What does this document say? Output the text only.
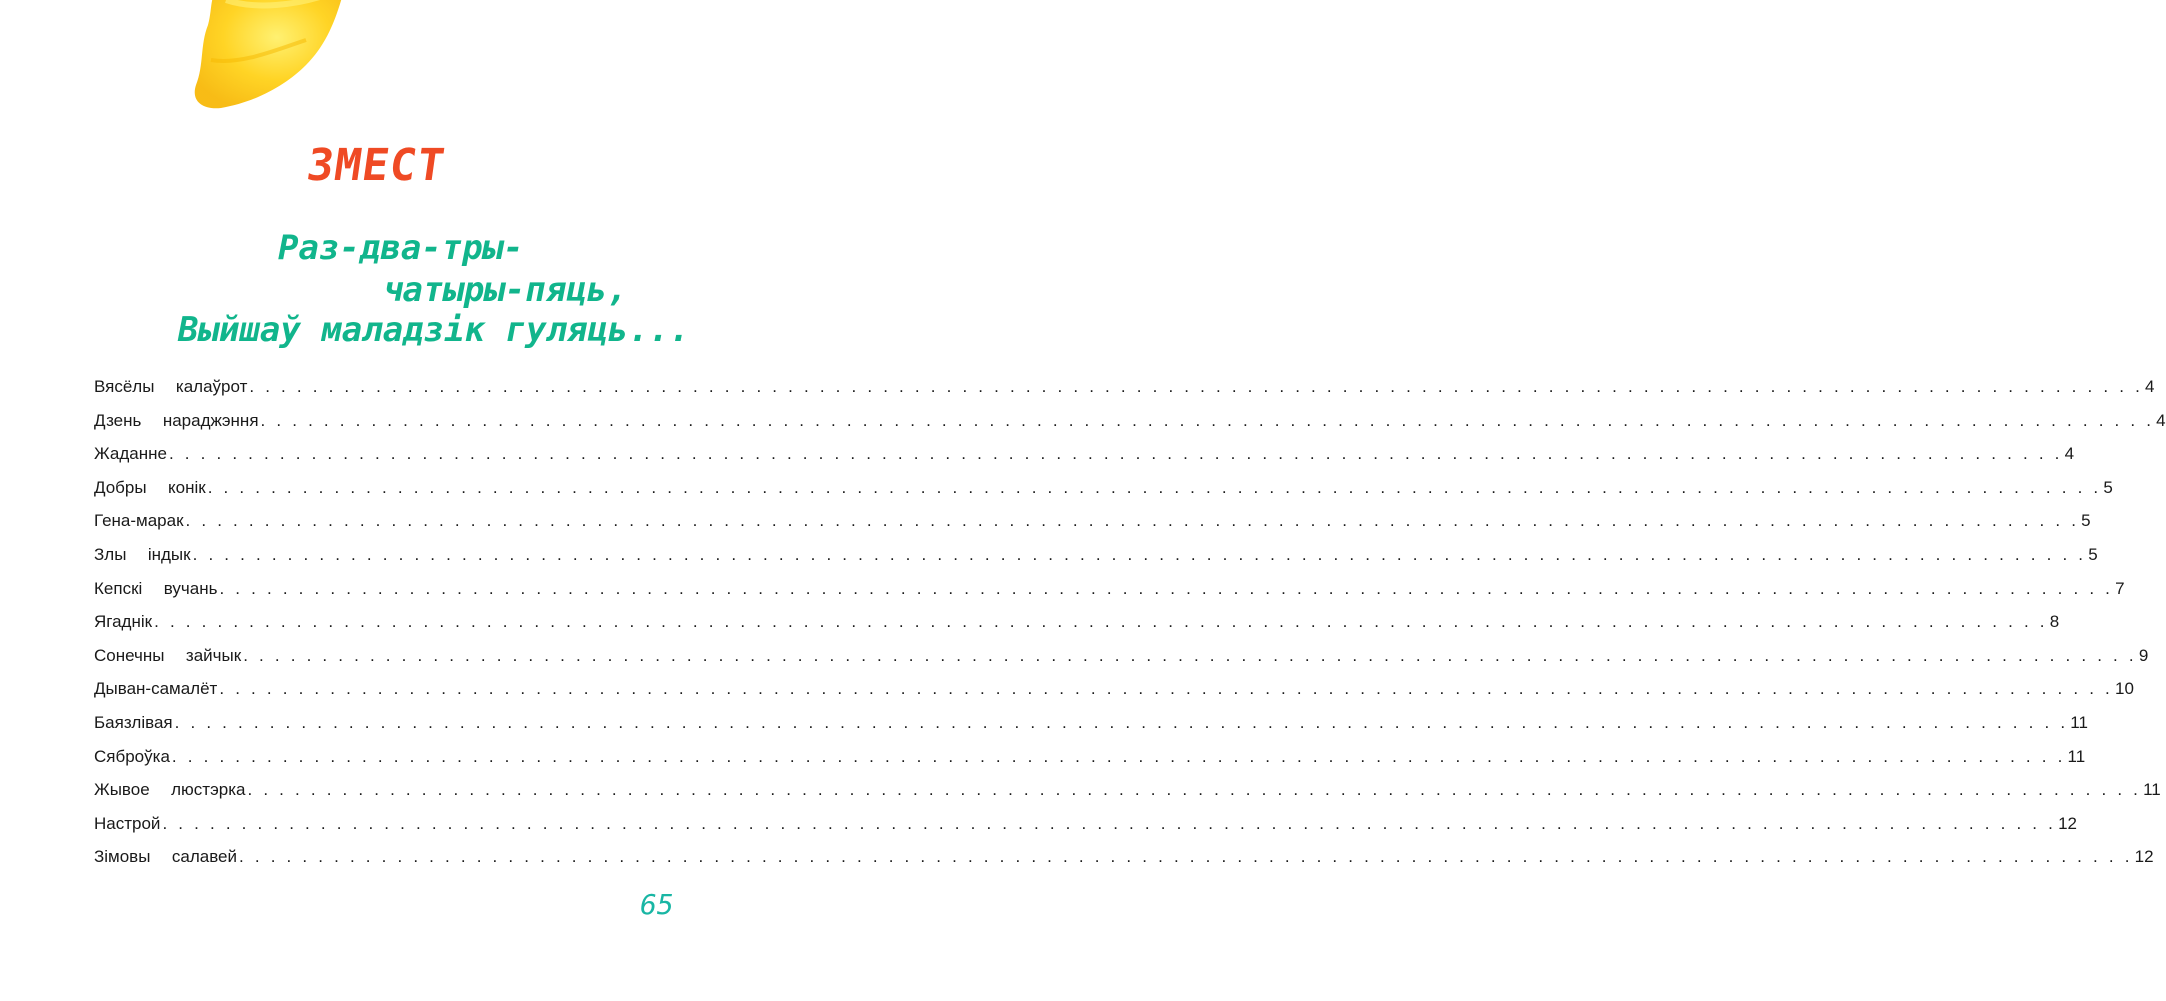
ЗМЕСТ
Раз-два-тры-
чатыры-пяць,
Выйшаў маладзік гуляць...
Вясёлы  калаўрот . . . . . . . . . . . . . . . . . . . . . . . . . . . . . . . . . . . . . . . . . . . . . . . . . . . . . . . . . . . . . . . . . . . . . . . . . . . . . . . . . . . . . . . . . . . . . . . . . . . . . . . . . . . . . . . . . . . . . . . . 4
Дзень  нараджэння . . . . . . . . . . . . . . . . . . . . . . . . . . . . . . . . . . . . . . . . . . . . . . . . . . . . . . . . . . . . . . . . . . . . . . . . . . . . . . . . . . . . . . . . . . . . . . . . . . . . . . . . . . . . . . . . . . . . . . . . 4
Жаданне . . . . . . . . . . . . . . . . . . . . . . . . . . . . . . . . . . . . . . . . . . . . . . . . . . . . . . . . . . . . . . . . . . . . . . . . . . . . . . . . . . . . . . . . . . . . . . . . . . . . . . . . . . . . . . . . . . . . . . . . 4
Добры  конік . . . . . . . . . . . . . . . . . . . . . . . . . . . . . . . . . . . . . . . . . . . . . . . . . . . . . . . . . . . . . . . . . . . . . . . . . . . . . . . . . . . . . . . . . . . . . . . . . . . . . . . . . . . . . . . . . . . . . . . . 5
Гена-марак . . . . . . . . . . . . . . . . . . . . . . . . . . . . . . . . . . . . . . . . . . . . . . . . . . . . . . . . . . . . . . . . . . . . . . . . . . . . . . . . . . . . . . . . . . . . . . . . . . . . . . . . . . . . . . . . . . . . . . . . 5
Злы  індык . . . . . . . . . . . . . . . . . . . . . . . . . . . . . . . . . . . . . . . . . . . . . . . . . . . . . . . . . . . . . . . . . . . . . . . . . . . . . . . . . . . . . . . . . . . . . . . . . . . . . . . . . . . . . . . . . . . . . . . . 5
Кепскі  вучань . . . . . . . . . . . . . . . . . . . . . . . . . . . . . . . . . . . . . . . . . . . . . . . . . . . . . . . . . . . . . . . . . . . . . . . . . . . . . . . . . . . . . . . . . . . . . . . . . . . . . . . . . . . . . . . . . . . . . . . . 7
Ягаднік . . . . . . . . . . . . . . . . . . . . . . . . . . . . . . . . . . . . . . . . . . . . . . . . . . . . . . . . . . . . . . . . . . . . . . . . . . . . . . . . . . . . . . . . . . . . . . . . . . . . . . . . . . . . . . . . . . . . . . . . 8
Сонечны  зайчык . . . . . . . . . . . . . . . . . . . . . . . . . . . . . . . . . . . . . . . . . . . . . . . . . . . . . . . . . . . . . . . . . . . . . . . . . . . . . . . . . . . . . . . . . . . . . . . . . . . . . . . . . . . . . . . . . . . . . . . . 9
Дыван-самалёт . . . . . . . . . . . . . . . . . . . . . . . . . . . . . . . . . . . . . . . . . . . . . . . . . . . . . . . . . . . . . . . . . . . . . . . . . . . . . . . . . . . . . . . . . . . . . . . . . . . . . . . . . . . . . . . . . . . . . . . . 10
Баязлівая . . . . . . . . . . . . . . . . . . . . . . . . . . . . . . . . . . . . . . . . . . . . . . . . . . . . . . . . . . . . . . . . . . . . . . . . . . . . . . . . . . . . . . . . . . . . . . . . . . . . . . . . . . . . . . . . . . . . . . . . 11
Сяброўка . . . . . . . . . . . . . . . . . . . . . . . . . . . . . . . . . . . . . . . . . . . . . . . . . . . . . . . . . . . . . . . . . . . . . . . . . . . . . . . . . . . . . . . . . . . . . . . . . . . . . . . . . . . . . . . . . . . . . . . . 11
Жывое  люстэрка . . . . . . . . . . . . . . . . . . . . . . . . . . . . . . . . . . . . . . . . . . . . . . . . . . . . . . . . . . . . . . . . . . . . . . . . . . . . . . . . . . . . . . . . . . . . . . . . . . . . . . . . . . . . . . . . . . . . . . . . 11
Настрой . . . . . . . . . . . . . . . . . . . . . . . . . . . . . . . . . . . . . . . . . . . . . . . . . . . . . . . . . . . . . . . . . . . . . . . . . . . . . . . . . . . . . . . . . . . . . . . . . . . . . . . . . . . . . . . . . . . . . . . . 12
Зімовы  салавей . . . . . . . . . . . . . . . . . . . . . . . . . . . . . . . . . . . . . . . . . . . . . . . . . . . . . . . . . . . . . . . . . . . . . . . . . . . . . . . . . . . . . . . . . . . . . . . . . . . . . . . . . . . . . . . . . . . . . . . . 12
65
